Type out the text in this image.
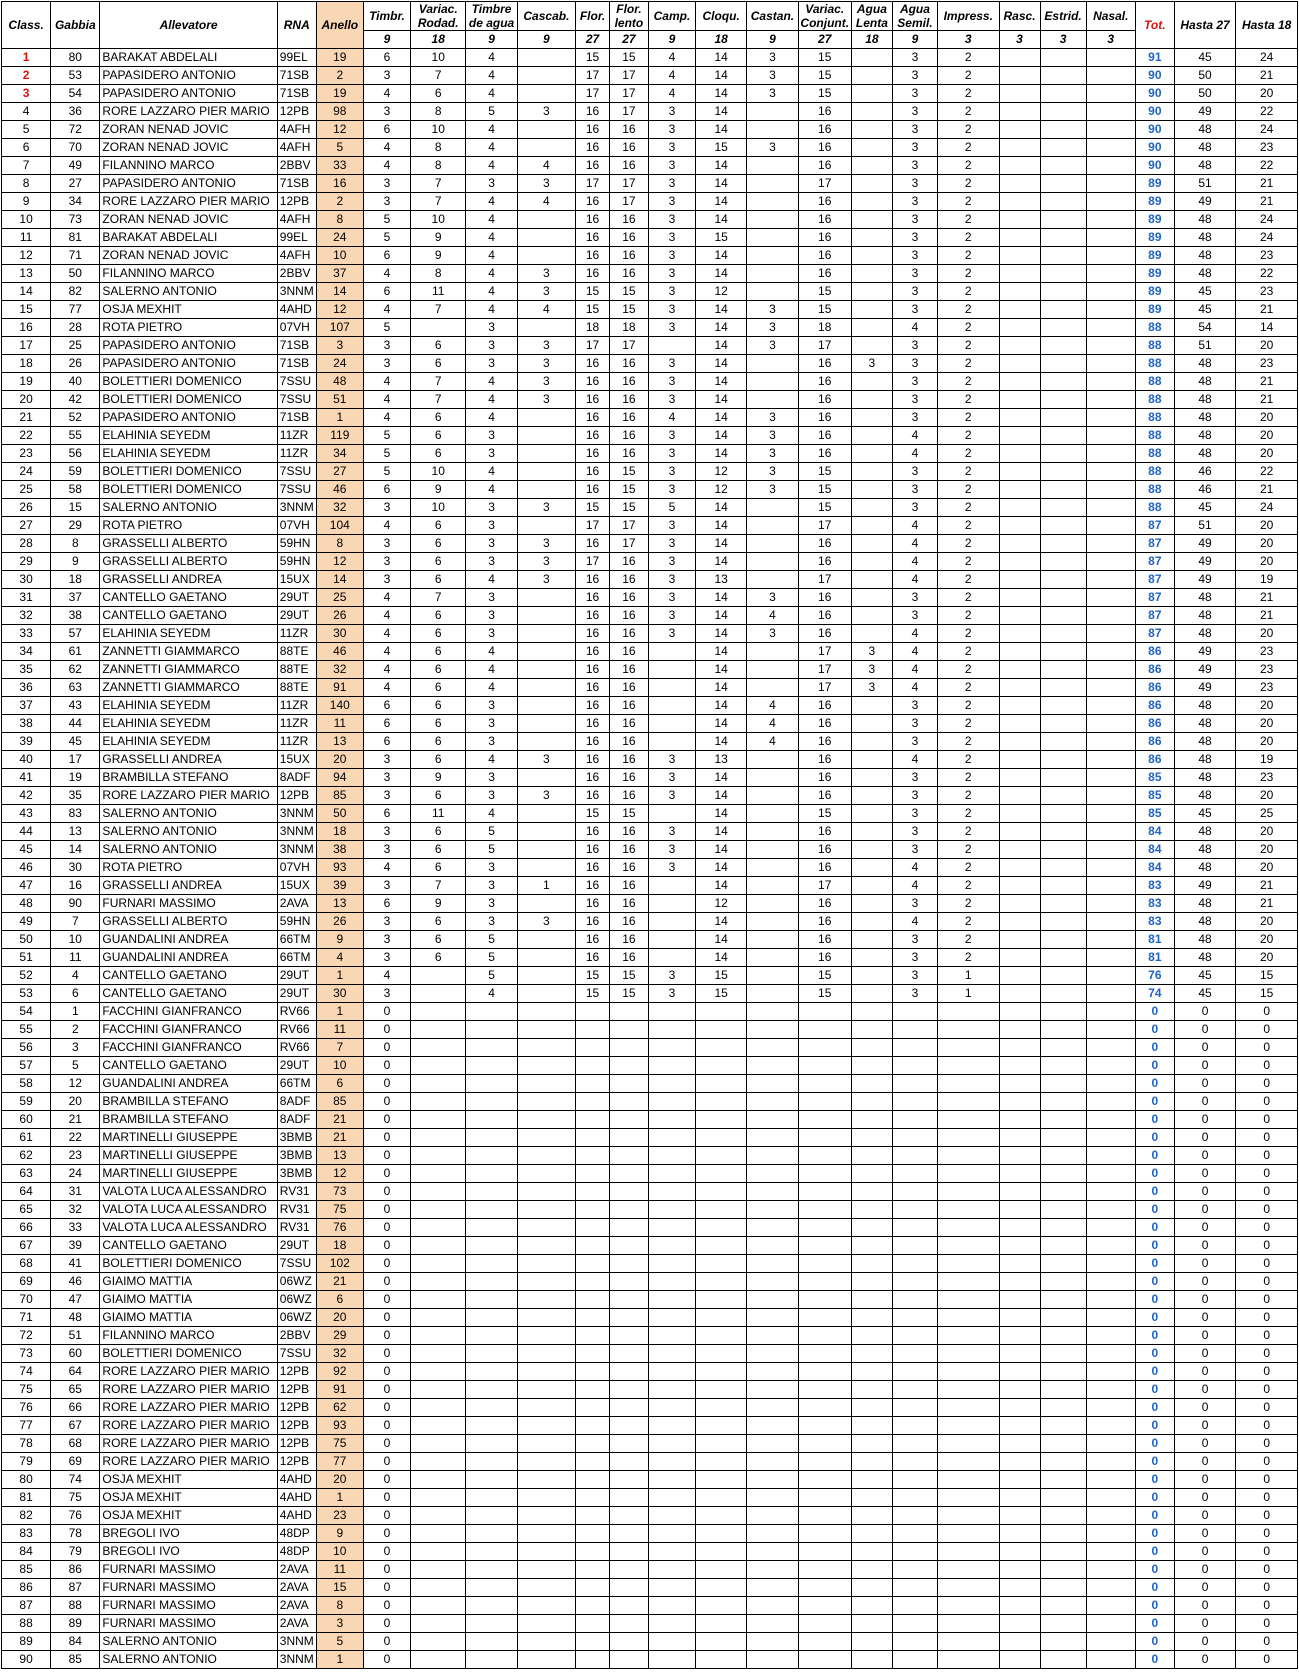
Class.	Gabbia	Allevatore	RNA	Anello	Timbr.	Variac. Rodad.	Timbre de agua	Cascab.	Flor.	Flor. lento	Camp.	Cloqu.	Castan.	Variac. Conjunt.	Agua Lenta	Agua Semil.	Impress.	Rasc.	Estrid.	Nasal.	Tot.	Hasta 27	Hasta 18
					9	18	9	9	27	27	9	18	9	27	18	9	3	3	3	3			
1	80	BARAKAT ABDELALI	99EL	19	6	10	4		15	15	4	14	3	15		3	2				91	45	24
2	53	PAPASIDERO ANTONIO	71SB	2	3	7	4		17	17	4	14	3	15		3	2				90	50	21
3	54	PAPASIDERO ANTONIO	71SB	19	4	6	4		17	17	4	14	3	15		3	2				90	50	20
4	36	RORE LAZZARO PIER MARIO	12PB	98	3	8	5	3	16	17	3	14		16		3	2				90	49	22
5	72	ZORAN NENAD JOVIC	4AFH	12	6	10	4		16	16	3	14		16		3	2				90	48	24
6	70	ZORAN NENAD JOVIC	4AFH	5	4	8	4		16	16	3	15	3	16		3	2				90	48	23
7	49	FILANNINO MARCO	2BBV	33	4	8	4	4	16	16	3	14		16		3	2				90	48	22
8	27	PAPASIDERO ANTONIO	71SB	16	3	7	3	3	17	17	3	14		17		3	2				89	51	21
9	34	RORE LAZZARO PIER MARIO	12PB	2	3	7	4	4	16	17	3	14		16		3	2				89	49	21
10	73	ZORAN NENAD JOVIC	4AFH	8	5	10	4		16	16	3	14		16		3	2				89	48	24
11	81	BARAKAT ABDELALI	99EL	24	5	9	4		16	16	3	15		16		3	2				89	48	24
12	71	ZORAN NENAD JOVIC	4AFH	10	6	9	4		16	16	3	14		16		3	2				89	48	23
13	50	FILANNINO MARCO	2BBV	37	4	8	4	3	16	16	3	14		16		3	2				89	48	22
14	82	SALERNO ANTONIO	3NNM	14	6	11	4	3	15	15	3	12		15		3	2				89	45	23
15	77	OSJA MEXHIT	4AHD	12	4	7	4	4	15	15	3	14	3	15		3	2				89	45	21
16	28	ROTA PIETRO	07VH	107	5		3		18	18	3	14	3	18		4	2				88	54	14
17	25	PAPASIDERO ANTONIO	71SB	3	3	6	3	3	17	17		14	3	17		3	2				88	51	20
18	26	PAPASIDERO ANTONIO	71SB	24	3	6	3	3	16	16	3	14		16	3	3	2				88	48	23
19	40	BOLETTIERI DOMENICO	7SSU	48	4	7	4	3	16	16	3	14		16		3	2				88	48	21
20	42	BOLETTIERI DOMENICO	7SSU	51	4	7	4	3	16	16	3	14		16		3	2				88	48	21
21	52	PAPASIDERO ANTONIO	71SB	1	4	6	4		16	16	4	14	3	16		3	2				88	48	20
22	55	ELAHINIA SEYEDM	11ZR	119	5	6	3		16	16	3	14	3	16		4	2				88	48	20
23	56	ELAHINIA SEYEDM	11ZR	34	5	6	3		16	16	3	14	3	16		4	2				88	48	20
24	59	BOLETTIERI DOMENICO	7SSU	27	5	10	4		16	15	3	12	3	15		3	2				88	46	22
25	58	BOLETTIERI DOMENICO	7SSU	46	6	9	4		16	15	3	12	3	15		3	2				88	46	21
26	15	SALERNO ANTONIO	3NNM	32	3	10	3	3	15	15	5	14		15		3	2				88	45	24
27	29	ROTA PIETRO	07VH	104	4	6	3		17	17	3	14		17		4	2				87	51	20
28	8	GRASSELLI ALBERTO	59HN	8	3	6	3	3	16	17	3	14		16		4	2				87	49	20
29	9	GRASSELLI ALBERTO	59HN	12	3	6	3	3	17	16	3	14		16		4	2				87	49	20
30	18	GRASSELLI ANDREA	15UX	14	3	6	4	3	16	16	3	13		17		4	2				87	49	19
31	37	CANTELLO GAETANO	29UT	25	4	7	3		16	16	3	14	3	16		3	2				87	48	21
32	38	CANTELLO GAETANO	29UT	26	4	6	3		16	16	3	14	4	16		3	2				87	48	21
33	57	ELAHINIA SEYEDM	11ZR	30	4	6	3		16	16	3	14	3	16		4	2				87	48	20
34	61	ZANNETTI GIAMMARCO	88TE	46	4	6	4		16	16		14		17	3	4	2				86	49	23
35	62	ZANNETTI GIAMMARCO	88TE	32	4	6	4		16	16		14		17	3	4	2				86	49	23
36	63	ZANNETTI GIAMMARCO	88TE	91	4	6	4		16	16		14		17	3	4	2				86	49	23
37	43	ELAHINIA SEYEDM	11ZR	140	6	6	3		16	16		14	4	16		3	2				86	48	20
38	44	ELAHINIA SEYEDM	11ZR	11	6	6	3		16	16		14	4	16		3	2				86	48	20
39	45	ELAHINIA SEYEDM	11ZR	13	6	6	3		16	16		14	4	16		3	2				86	48	20
40	17	GRASSELLI ANDREA	15UX	20	3	6	4	3	16	16	3	13		16		4	2				86	48	19
41	19	BRAMBILLA STEFANO	8ADF	94	3	9	3		16	16	3	14		16		3	2				85	48	23
42	35	RORE LAZZARO PIER MARIO	12PB	85	3	6	3	3	16	16	3	14		16		3	2				85	48	20
43	83	SALERNO ANTONIO	3NNM	50	6	11	4		15	15		14		15		3	2				85	45	25
44	13	SALERNO ANTONIO	3NNM	18	3	6	5		16	16	3	14		16		3	2				84	48	20
45	14	SALERNO ANTONIO	3NNM	38	3	6	5		16	16	3	14		16		3	2				84	48	20
46	30	ROTA PIETRO	07VH	93	4	6	3		16	16	3	14		16		4	2				84	48	20
47	16	GRASSELLI ANDREA	15UX	39	3	7	3	1	16	16		14		17		4	2				83	49	21
48	90	FURNARI MASSIMO	2AVA	13	6	9	3		16	16		12		16		3	2				83	48	21
49	7	GRASSELLI ALBERTO	59HN	26	3	6	3	3	16	16		14		16		4	2				83	48	20
50	10	GUANDALINI ANDREA	66TM	9	3	6	5		16	16		14		16		3	2				81	48	20
51	11	GUANDALINI ANDREA	66TM	4	3	6	5		16	16		14		16		3	2				81	48	20
52	4	CANTELLO GAETANO	29UT	1	4		5		15	15	3	15		15		3	1				76	45	15
53	6	CANTELLO GAETANO	29UT	30	3		4		15	15	3	15		15		3	1				74	45	15
54	1	FACCHINI GIANFRANCO	RV66	1	0																0	0	0
55	2	FACCHINI GIANFRANCO	RV66	11	0																0	0	0
56	3	FACCHINI GIANFRANCO	RV66	7	0																0	0	0
57	5	CANTELLO GAETANO	29UT	10	0																0	0	0
58	12	GUANDALINI ANDREA	66TM	6	0																0	0	0
59	20	BRAMBILLA STEFANO	8ADF	85	0																0	0	0
60	21	BRAMBILLA STEFANO	8ADF	21	0																0	0	0
61	22	MARTINELLI GIUSEPPE	3BMB	21	0																0	0	0
62	23	MARTINELLI GIUSEPPE	3BMB	13	0																0	0	0
63	24	MARTINELLI GIUSEPPE	3BMB	12	0																0	0	0
64	31	VALOTA LUCA ALESSANDRO	RV31	73	0																0	0	0
65	32	VALOTA LUCA ALESSANDRO	RV31	75	0																0	0	0
66	33	VALOTA LUCA ALESSANDRO	RV31	76	0																0	0	0
67	39	CANTELLO GAETANO	29UT	18	0																0	0	0
68	41	BOLETTIERI DOMENICO	7SSU	102	0																0	0	0
69	46	GIAIMO MATTIA	06WZ	21	0																0	0	0
70	47	GIAIMO MATTIA	06WZ	6	0																0	0	0
71	48	GIAIMO MATTIA	06WZ	20	0																0	0	0
72	51	FILANNINO MARCO	2BBV	29	0																0	0	0
73	60	BOLETTIERI DOMENICO	7SSU	32	0																0	0	0
74	64	RORE LAZZARO PIER MARIO	12PB	92	0																0	0	0
75	65	RORE LAZZARO PIER MARIO	12PB	91	0																0	0	0
76	66	RORE LAZZARO PIER MARIO	12PB	62	0																0	0	0
77	67	RORE LAZZARO PIER MARIO	12PB	93	0																0	0	0
78	68	RORE LAZZARO PIER MARIO	12PB	75	0																0	0	0
79	69	RORE LAZZARO PIER MARIO	12PB	77	0																0	0	0
80	74	OSJA MEXHIT	4AHD	20	0																0	0	0
81	75	OSJA MEXHIT	4AHD	1	0																0	0	0
82	76	OSJA MEXHIT	4AHD	23	0																0	0	0
83	78	BREGOLI IVO	48DP	9	0																0	0	0
84	79	BREGOLI IVO	48DP	10	0																0	0	0
85	86	FURNARI MASSIMO	2AVA	11	0																0	0	0
86	87	FURNARI MASSIMO	2AVA	15	0																0	0	0
87	88	FURNARI MASSIMO	2AVA	8	0																0	0	0
88	89	FURNARI MASSIMO	2AVA	3	0																0	0	0
89	84	SALERNO ANTONIO	3NNM	5	0																0	0	0
90	85	SALERNO ANTONIO	3NNM	1	0																0	0	0
